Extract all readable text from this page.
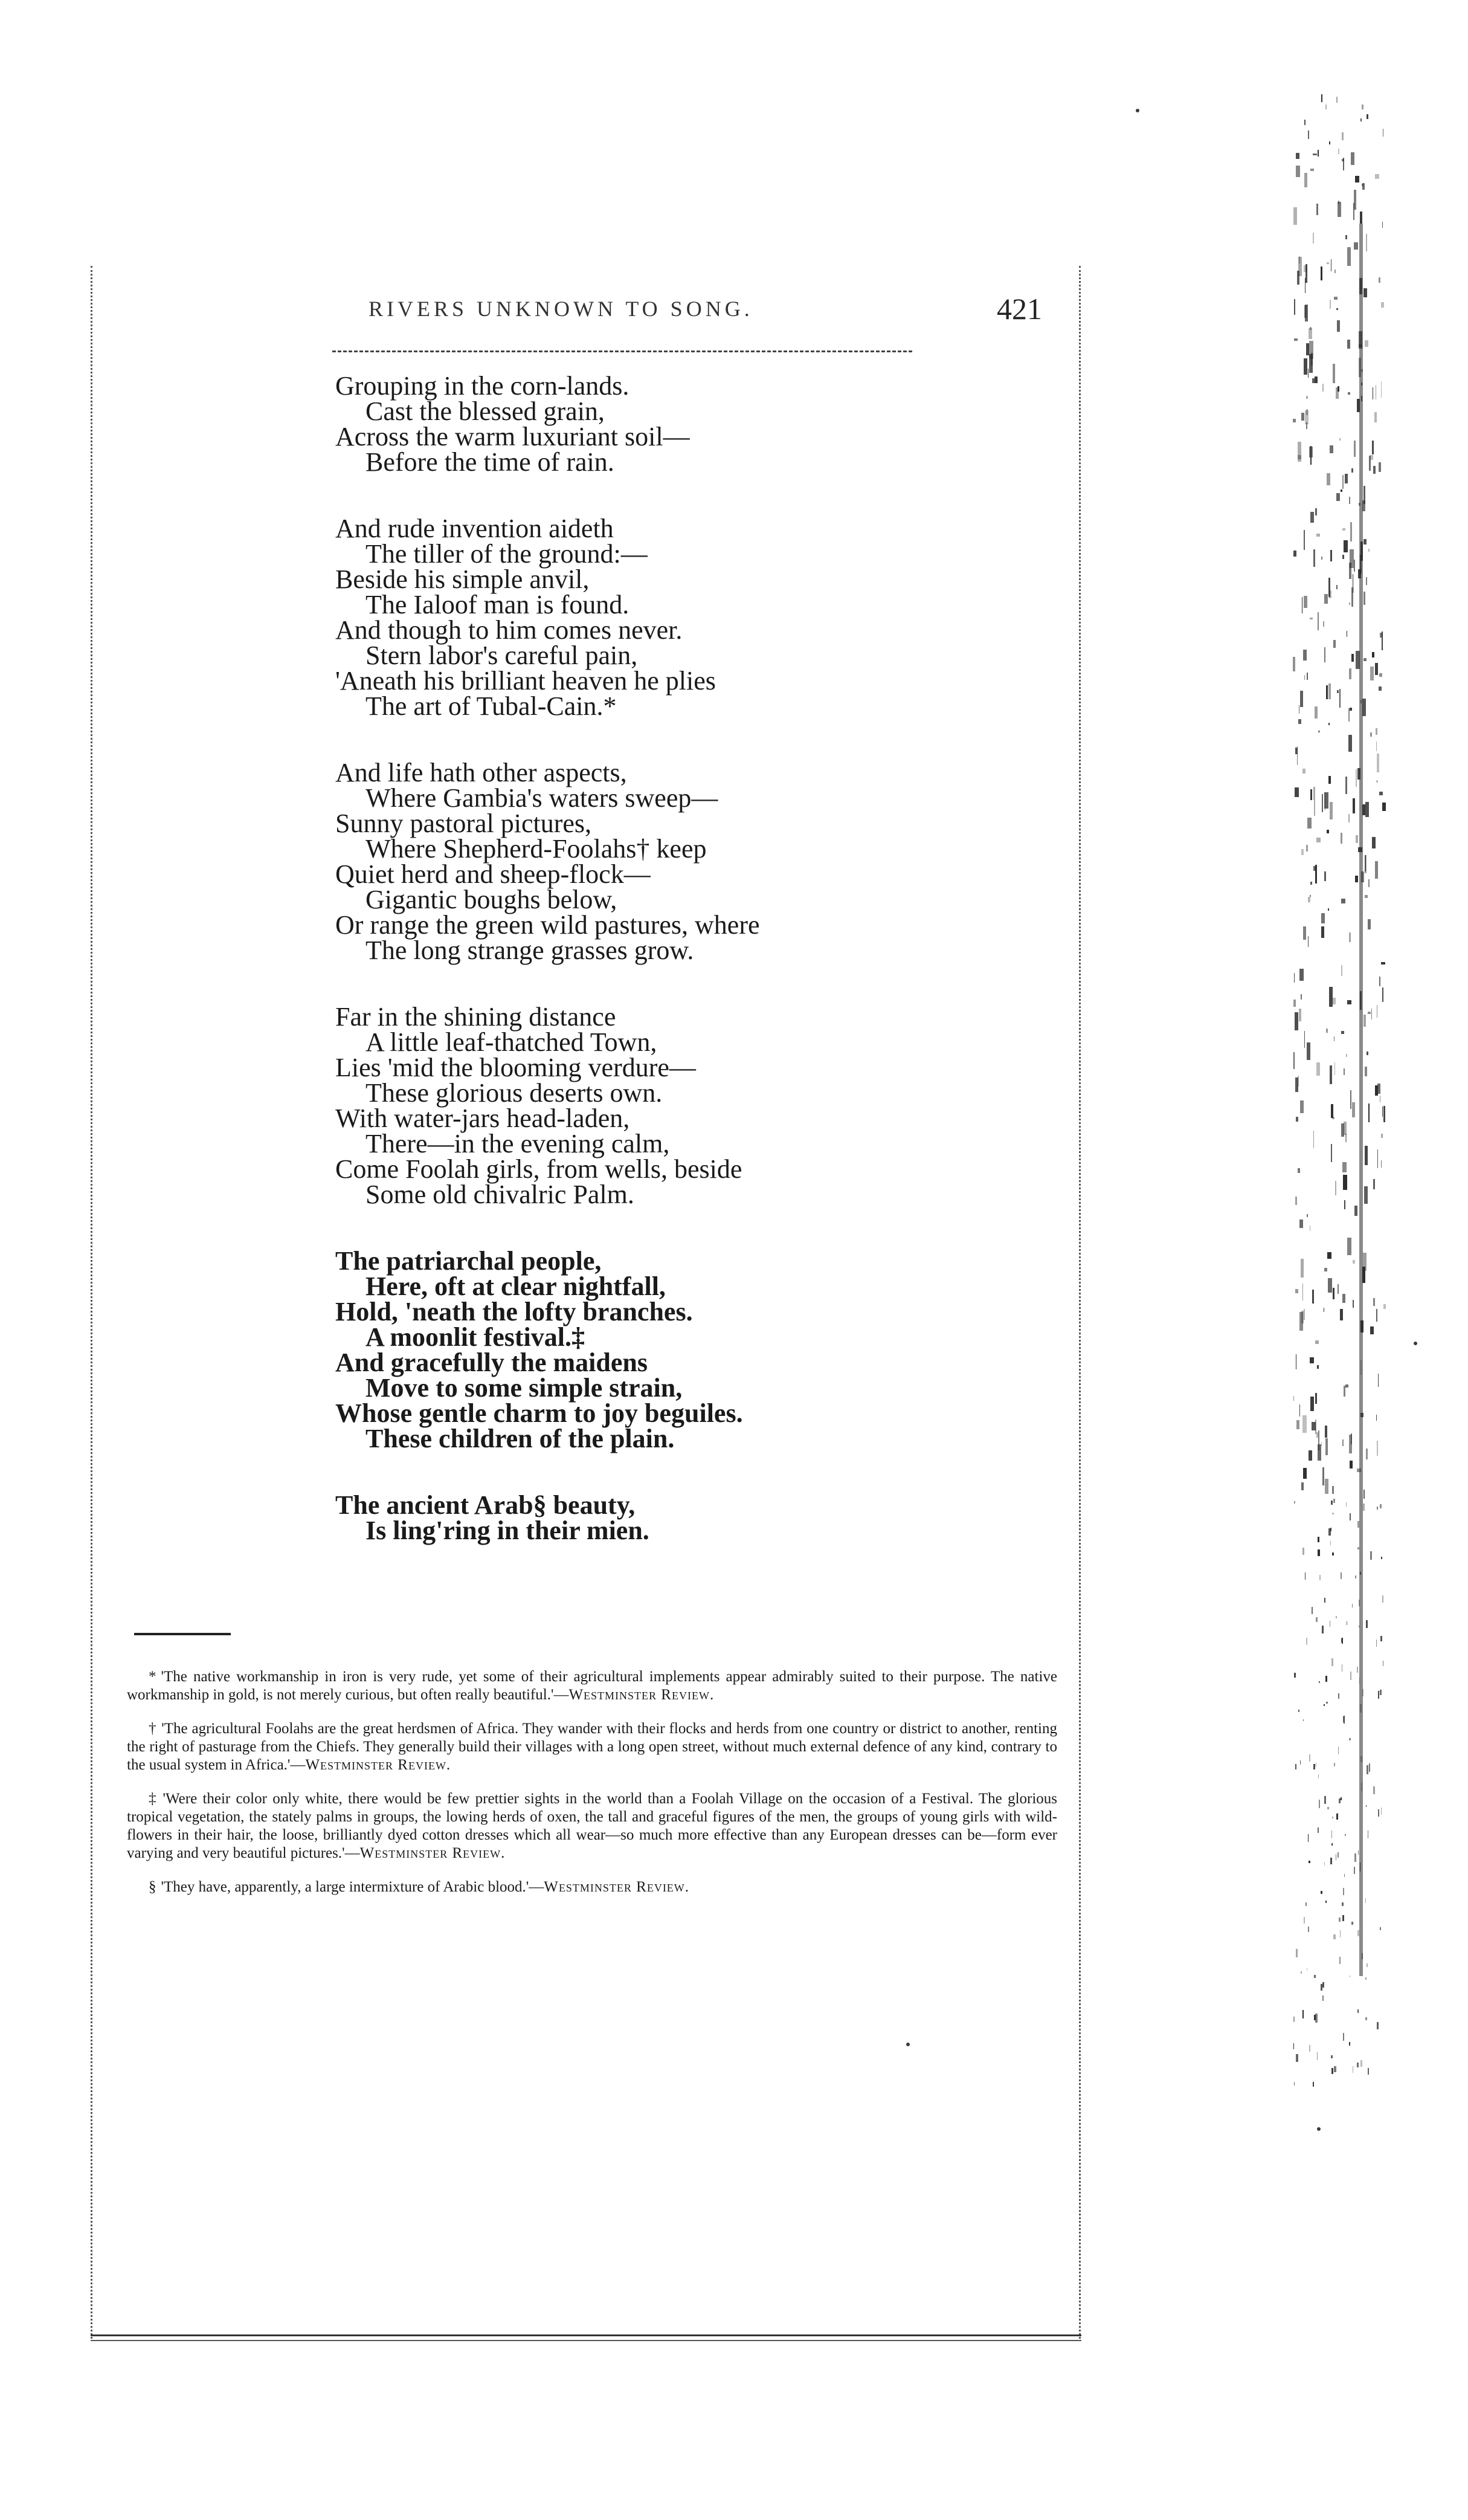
RIVERS UNKNOWN TO SONG.	421
Grouping in the corn-lands.
Cast the blessed grain,
Across the warm luxuriant soil—
Before the time of rain.
And rude invention aideth
The tiller of the ground:—
Beside his simple anvil,
The Ialoof man is found.
And though to him comes never.
Stern labor's careful pain,
'Aneath his brilliant heaven he plies
The art of Tubal-Cain.*
And life hath other aspects,
Where Gambia's waters sweep—
Sunny pastoral pictures,
Where Shepherd-Foolahs† keep
Quiet herd and sheep-flock—
Gigantic boughs below,
Or range the green wild pastures, where
The long strange grasses grow.
Far in the shining distance
A little leaf-thatched Town,
Lies 'mid the blooming verdure—
These glorious deserts own.
With water-jars head-laden,
There—in the evening calm,
Come Foolah girls, from wells, beside
Some old chivalric Palm.
The patriarchal people,
Here, oft at clear nightfall,
Hold, 'neath the lofty branches.
A moonlit festival.‡
And gracefully the maidens
Move to some simple strain,
Whose gentle charm to joy beguiles.
These children of the plain.
The ancient Arab§ beauty,
Is ling'ring in their mien.
* 'The native workmanship in iron is very rude, yet some of their agricultural implements appear admirably suited to their purpose. The native workmanship in gold, is not merely curious, but often really beautiful.'—Westminster Review.
† 'The agricultural Foolahs are the great herdsmen of Africa. They wander with their flocks and herds from one country or district to another, renting the right of pasturage from the Chiefs. They generally build their villages with a long open street, without much external defence of any kind, contrary to the usual system in Africa.'—Westminster Review.
‡ 'Were their color only white, there would be few prettier sights in the world than a Foolah Village on the occasion of a Festival. The glorious tropical vegetation, the stately palms in groups, the lowing herds of oxen, the tall and graceful figures of the men, the groups of young girls with wild-flowers in their hair, the loose, brilliantly dyed cotton dresses which all wear—so much more effective than any European dresses can be—form ever varying and very beautiful pictures.'—Westminster Review.
§ 'They have, apparently, a large intermixture of Arabic blood.'—Westminster Review.
